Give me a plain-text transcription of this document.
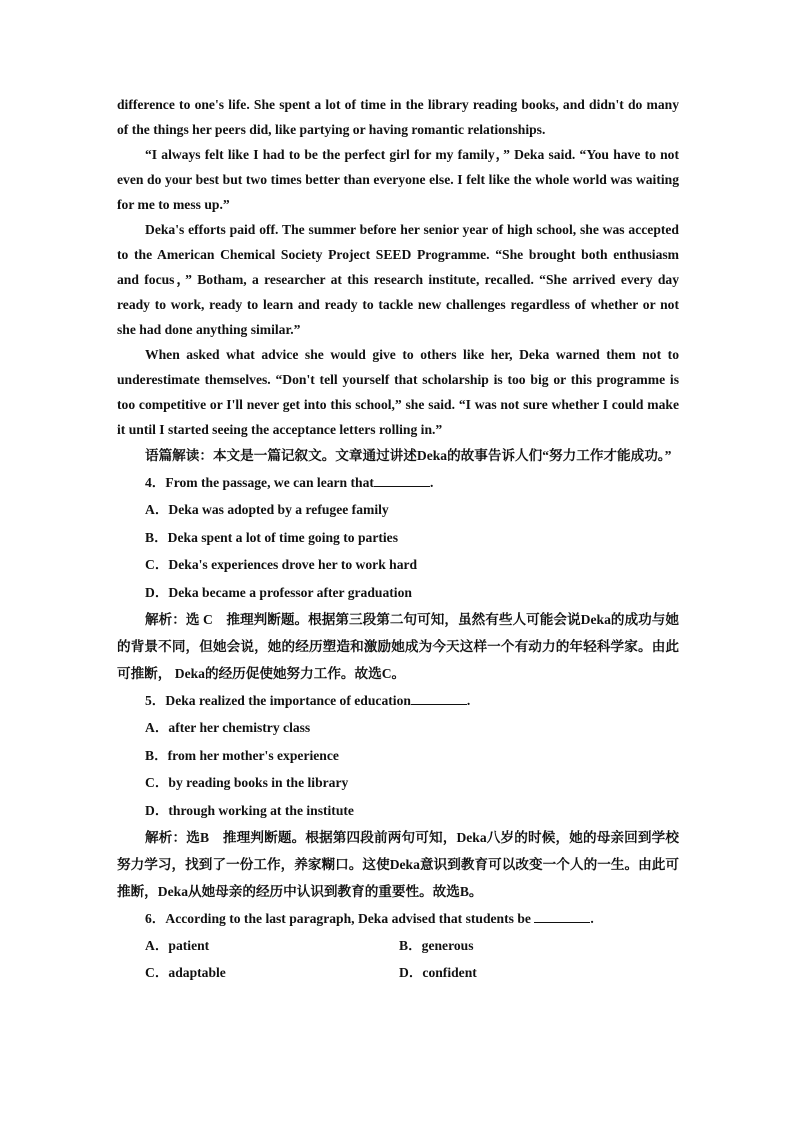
difference to one's life. She spent a lot of time in the library reading books, and didn't do many of the things her peers did, like partying or having romantic relationships.

“I always felt like I had to be the perfect girl for my family，” Deka said. “You have to not even do your best but two times better than everyone else. I felt like the whole world was waiting for me to mess up.”

Deka's efforts paid off. The summer before her senior year of high school, she was accepted to the American Chemical Society Project SEED Programme. “She brought both enthusiasm and focus，” Botham, a researcher at this research institute, recalled. “She arrived every day ready to work, ready to learn and ready to tackle new challenges regardless of whether or not she had done anything similar.”

When asked what advice she would give to others like her, Deka warned them not to underestimate themselves. “Don't tell yourself that scholarship is too big or this programme is too competitive or I'll never get into this school,” she said. “I was not sure whether I could make it until I started seeing the acceptance letters rolling in.”

语篇解读：本文是一篇记叙文。文章通过讲述Deka的故事告诉人们“努力工作才能成功。”

4．From the passage, we can learn that	.

A．Deka was adopted by a refugee family

B．Deka spent a lot of time going to parties

C．Deka's experiences drove her to work hard

D．Deka became a professor after graduation

解析：选 C　推理判断题。根据第三段第二句可知，虽然有些人可能会说Deka的成功与她的背景不同，但她会说，她的经历塑造和激励她成为今天这样一个有动力的年轻科学家。由此可推断， Deka的经历促使她努力工作。故选C。

5．Deka realized the importance of education	.

A．after her chemistry class

B．from her mother's experience

C．by reading books in the library

D．through working at the institute

解析：选B　推理判断题。根据第四段前两句可知，Deka八岁的时候，她的母亲回到学校努力学习，找到了一份工作，养家糊口。这使Deka意识到教育可以改变一个人的一生。由此可推断，Deka从她母亲的经历中认识到教育的重要性。故选B。

6．According to the last paragraph, Deka advised that students be	.

A．patient	B．generous
C．adaptable	D．confident
